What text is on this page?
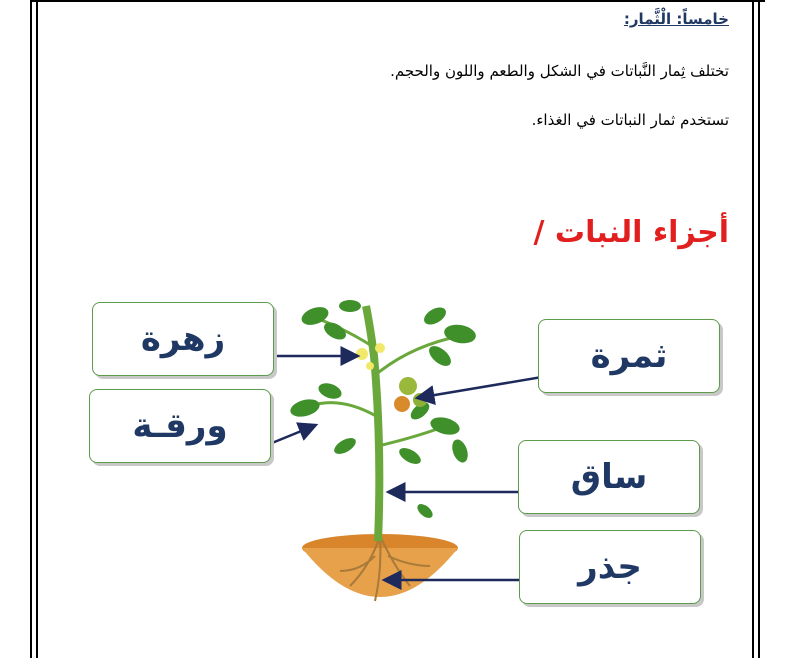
خامساً: الْثَّمار:
تختلف ثِمار النَّباتات في الشكل والطعم واللون والحجم.
تستخدم ثمار النباتات في الغذاء.
أجزاء النبات /
زهرة
ورقـة
ثمرة
ساق
جذر
